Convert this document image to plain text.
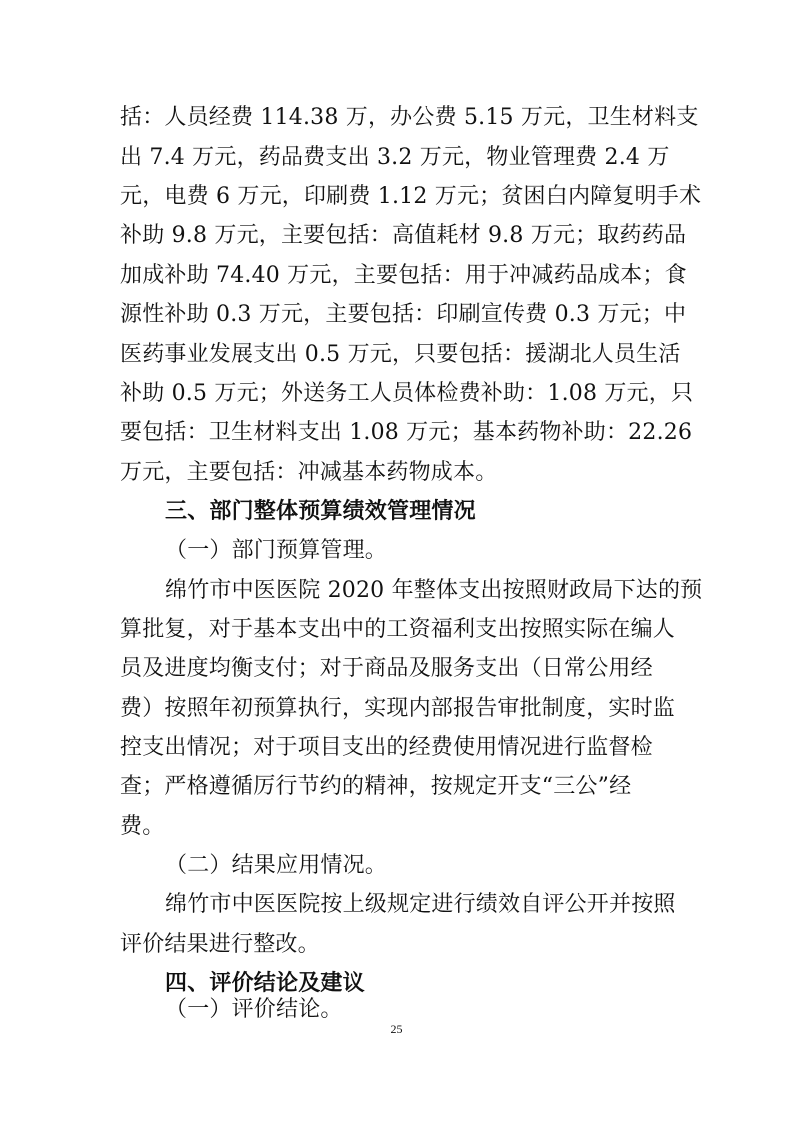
括：人员经费 114.38 万，办公费 5.15 万元，卫生材料支
出 7.4 万元，药品费支出 3.2 万元，物业管理费 2.4 万
元，电费 6 万元，印刷费 1.12 万元；贫困白内障复明手术
补助 9.8 万元，主要包括：高值耗材 9.8 万元；取药药品
加成补助 74.40 万元，主要包括：用于冲减药品成本；食
源性补助 0.3 万元，主要包括：印刷宣传费 0.3 万元；中
医药事业发展支出 0.5 万元，只要包括：援湖北人员生活
补助 0.5 万元；外送务工人员体检费补助：1.08 万元，只
要包括：卫生材料支出 1.08 万元；基本药物补助：22.26
万元，主要包括：冲减基本药物成本。
三、部门整体预算绩效管理情况
（一）部门预算管理。
绵竹市中医医院 2020 年整体支出按照财政局下达的预
算批复，对于基本支出中的工资福利支出按照实际在编人
员及进度均衡支付；对于商品及服务支出（日常公用经
费）按照年初预算执行，实现内部报告审批制度，实时监
控支出情况；对于项目支出的经费使用情况进行监督检
查；严格遵循厉行节约的精神，按规定开支“三公”经
费。
（二）结果应用情况。
绵竹市中医医院按上级规定进行绩效自评公开并按照
评价结果进行整改。
四、评价结论及建议
（一）评价结论。
25
